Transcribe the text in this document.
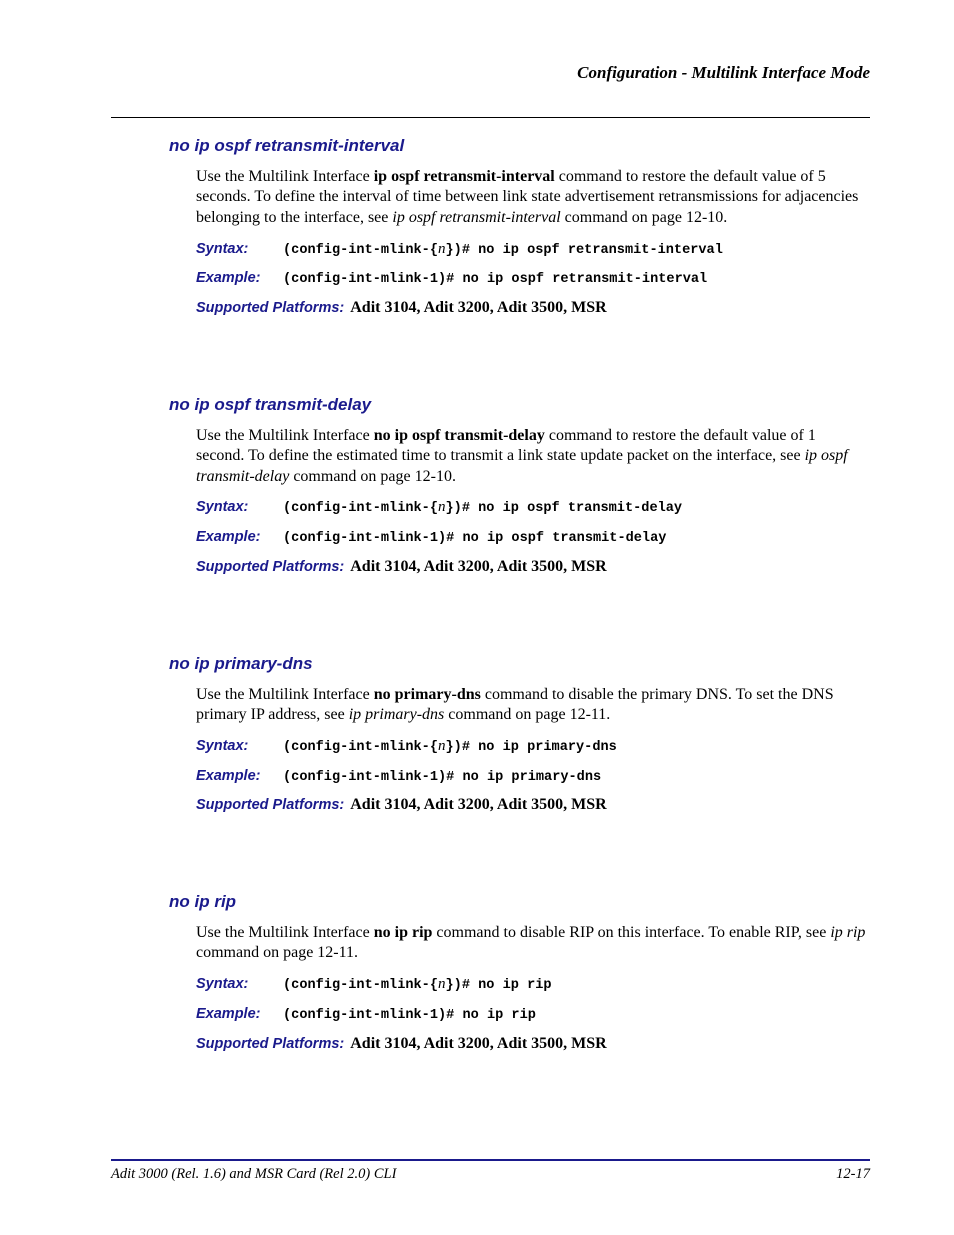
Configuration - Multilink Interface Mode
no ip ospf retransmit-interval
Use the Multilink Interface ip ospf retransmit-interval command to restore the default value of 5 seconds. To define the interval of time between link state advertisement retransmissions for adjacencies belonging to the interface, see ip ospf retransmit-interval command on page 12-10.
Syntax:	(config-int-mlink-{n})# no ip ospf retransmit-interval
Example: (config-int-mlink-1)# no ip ospf retransmit-interval
Supported Platforms: Adit 3104, Adit 3200, Adit 3500, MSR
no ip ospf transmit-delay
Use the Multilink Interface no ip ospf transmit-delay command to restore the default value of 1 second. To define the estimated time to transmit a link state update packet on the interface, see ip ospf transmit-delay command on page 12-10.
Syntax:	(config-int-mlink-{n})# no ip ospf transmit-delay
Example: (config-int-mlink-1)# no ip ospf transmit-delay
Supported Platforms: Adit 3104, Adit 3200, Adit 3500, MSR
no ip primary-dns
Use the Multilink Interface no primary-dns command to disable the primary DNS. To set the DNS primary IP address, see ip primary-dns command on page 12-11.
Syntax:	(config-int-mlink-{n})# no ip primary-dns
Example: (config-int-mlink-1)# no ip primary-dns
Supported Platforms: Adit 3104, Adit 3200, Adit 3500, MSR
no ip rip
Use the Multilink Interface no ip rip command to disable RIP on this interface. To enable RIP, see ip rip command on page 12-11.
Syntax:	(config-int-mlink-{n})# no ip rip
Example: (config-int-mlink-1)# no ip rip
Supported Platforms: Adit 3104, Adit 3200, Adit 3500, MSR
Adit 3000 (Rel. 1.6) and MSR Card (Rel 2.0) CLI	12-17
